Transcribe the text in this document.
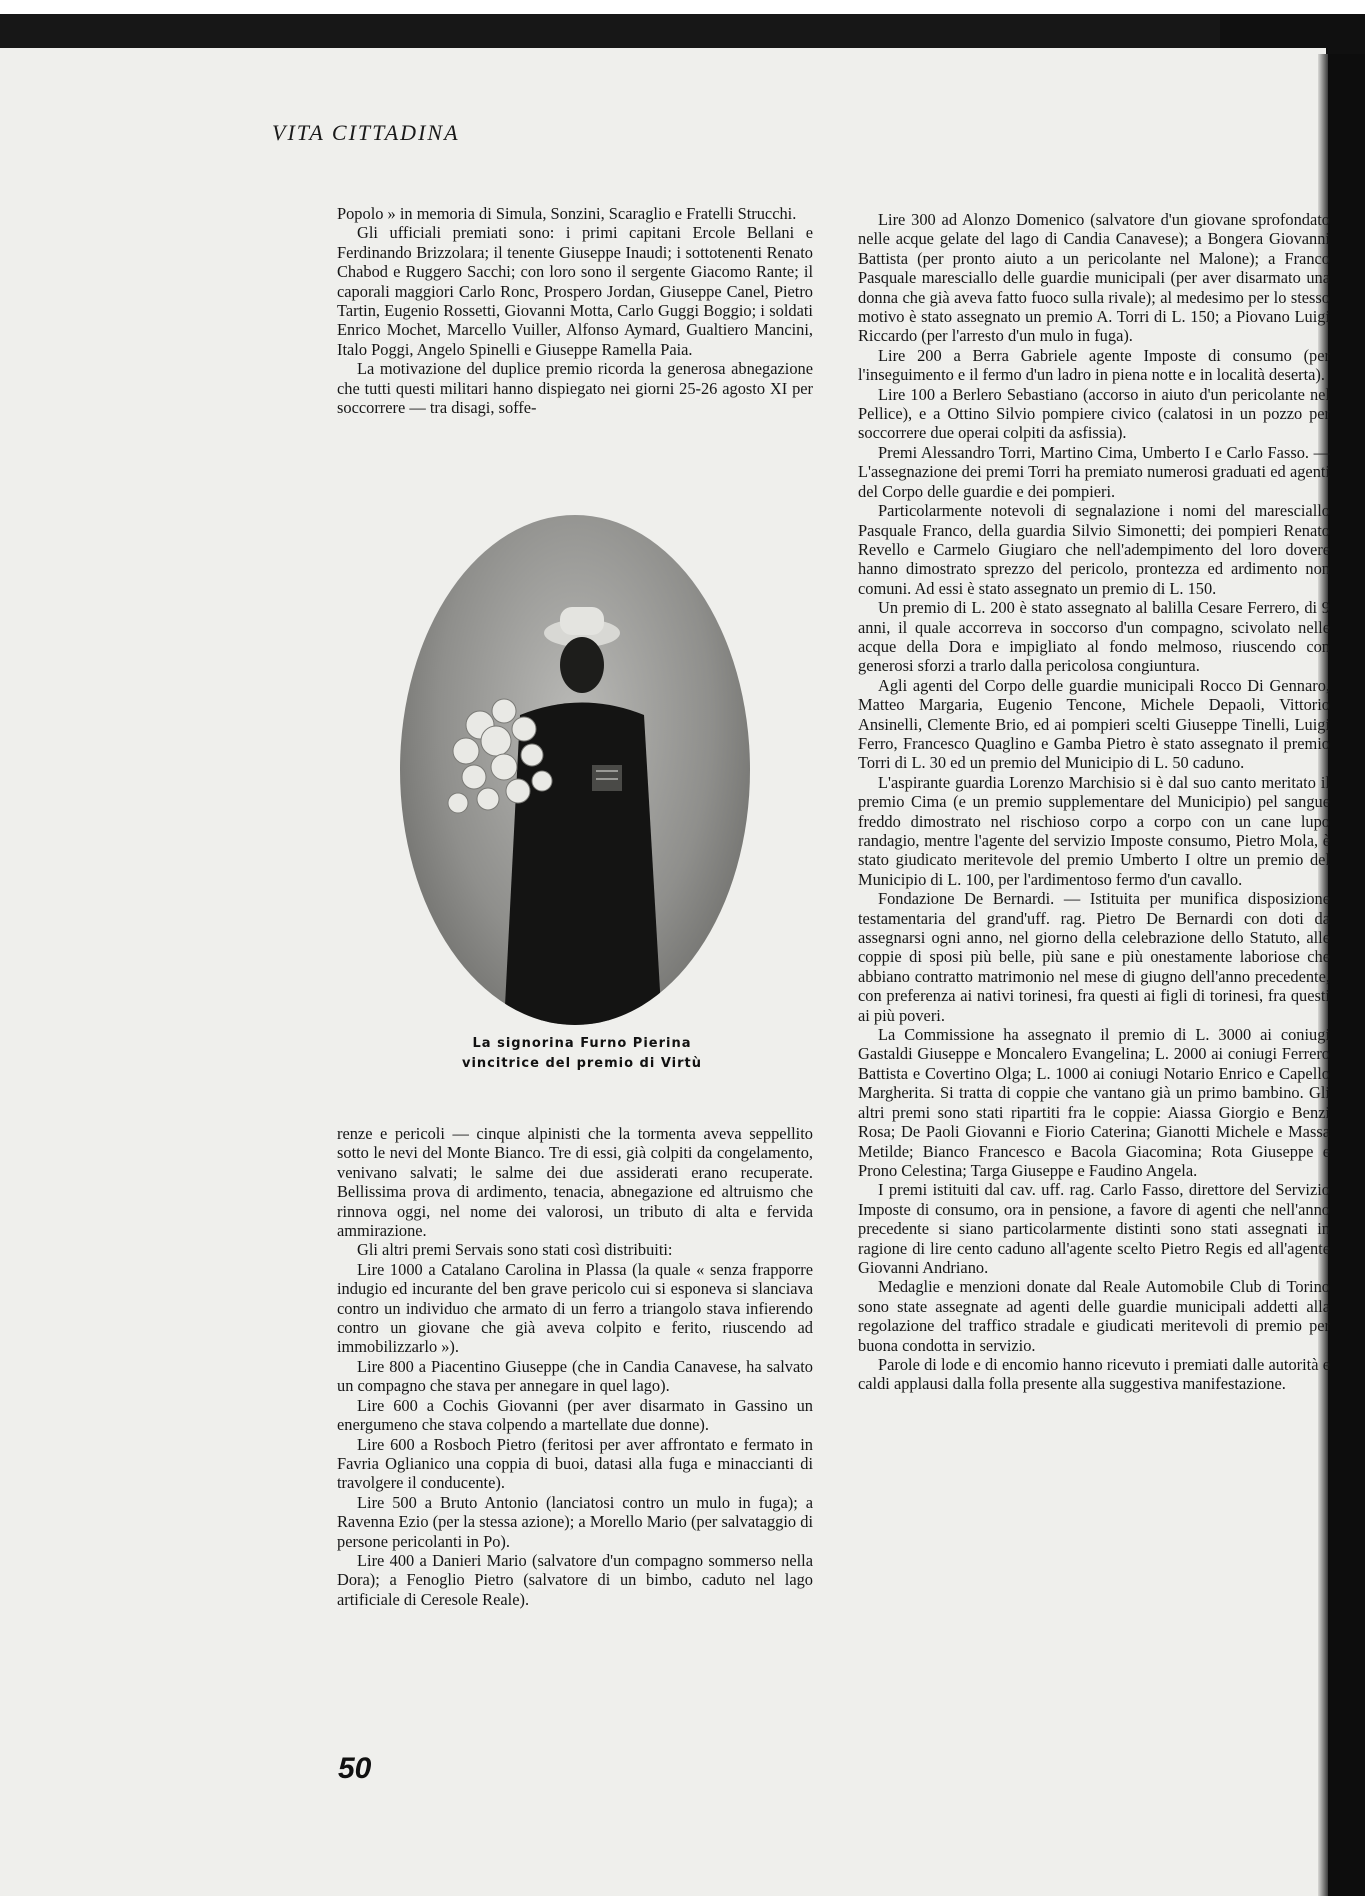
VITA CITTADINA

Popolo » in memoria di Simula, Sonzini, Scaraglio e Fratelli Strucchi.

Gli ufficiali premiati sono: i primi capitani Ercole Bellani e Ferdinando Brizzolara; il tenente Giuseppe Inaudi; i sottotenenti Renato Chabod e Ruggero Sacchi; con loro sono il sergente Giacomo Rante; il caporali maggiori Carlo Ronc, Prospero Jordan, Giuseppe Canel, Pietro Tartin, Eugenio Rossetti, Giovanni Motta, Carlo Guggi Boggio; i soldati Enrico Mochet, Marcello Vuiller, Alfonso Aymard, Gualtiero Mancini, Italo Poggi, Angelo Spinelli e Giuseppe Ramella Paia.

La motivazione del duplice premio ricorda la generosa abnegazione che tutti questi militari hanno dispiegato nei giorni 25-26 agosto XI per soccorrere — tra disagi, soffe-

La signorina Furno Pierina
vincitrice del premio di Virtù

renze e pericoli — cinque alpinisti che la tormenta aveva seppellito sotto le nevi del Monte Bianco. Tre di essi, già colpiti da congelamento, venivano salvati; le salme dei due assiderati erano recuperate. Bellissima prova di ardimento, tenacia, abnegazione ed altruismo che rinnova oggi, nel nome dei valorosi, un tributo di alta e fervida ammirazione.

Gli altri premi Servais sono stati così distribuiti:

Lire 1000 a Catalano Carolina in Plassa (la quale « senza frapporre indugio ed incurante del ben grave pericolo cui si esponeva si slanciava contro un individuo che armato di un ferro a triangolo stava infierendo contro un giovane che già aveva colpito e ferito, riuscendo ad immobilizzarlo »).

Lire 800 a Piacentino Giuseppe (che in Candia Canavese, ha salvato un compagno che stava per annegare in quel lago).

Lire 600 a Cochis Giovanni (per aver disarmato in Gassino un energumeno che stava colpendo a martellate due donne).

Lire 600 a Rosboch Pietro (feritosi per aver affrontato e fermato in Favria Oglianico una coppia di buoi, datasi alla fuga e minaccianti di travolgere il conducente).

Lire 500 a Bruto Antonio (lanciatosi contro un mulo in fuga); a Ravenna Ezio (per la stessa azione); a Morello Mario (per salvataggio di persone pericolanti in Po).

Lire 400 a Danieri Mario (salvatore d'un compagno sommerso nella Dora); a Fenoglio Pietro (salvatore di un bimbo, caduto nel lago artificiale di Ceresole Reale).

Lire 300 ad Alonzo Domenico (salvatore d'un giovane sprofondato nelle acque gelate del lago di Candia Canavese); a Bongera Giovanni Battista (per pronto aiuto a un pericolante nel Malone); a Franco Pasquale maresciallo delle guardie municipali (per aver disarmato una donna che già aveva fatto fuoco sulla rivale); al medesimo per lo stesso motivo è stato assegnato un premio A. Torri di L. 150; a Piovano Luigi Riccardo (per l'arresto d'un mulo in fuga).

Lire 200 a Berra Gabriele agente Imposte di consumo (per l'inseguimento e il fermo d'un ladro in piena notte e in località deserta).

Lire 100 a Berlero Sebastiano (accorso in aiuto d'un pericolante nel Pellice), e a Ottino Silvio pompiere civico (calatosi in un pozzo per soccorrere due operai colpiti da asfissia).

Premi Alessandro Torri, Martino Cima, Umberto I e Carlo Fasso. — L'assegnazione dei premi Torri ha premiato numerosi graduati ed agenti del Corpo delle guardie e dei pompieri.

Particolarmente notevoli di segnalazione i nomi del maresciallo Pasquale Franco, della guardia Silvio Simonetti; dei pompieri Renato Revello e Carmelo Giugiaro che nell'adempimento del loro dovere hanno dimostrato sprezzo del pericolo, prontezza ed ardimento non comuni. Ad essi è stato assegnato un premio di L. 150.

Un premio di L. 200 è stato assegnato al balilla Cesare Ferrero, di 9 anni, il quale accorreva in soccorso d'un compagno, scivolato nelle acque della Dora e impigliato al fondo melmoso, riuscendo con generosi sforzi a trarlo dalla pericolosa congiuntura.

Agli agenti del Corpo delle guardie municipali Rocco Di Gennaro, Matteo Margaria, Eugenio Tencone, Michele Depaoli, Vittorio Ansinelli, Clemente Brio, ed ai pompieri scelti Giuseppe Tinelli, Luigi Ferro, Francesco Quaglino e Gamba Pietro è stato assegnato il premio Torri di L. 30 ed un premio del Municipio di L. 50 caduno.

L'aspirante guardia Lorenzo Marchisio si è dal suo canto meritato il premio Cima (e un premio supplementare del Municipio) pel sangue freddo dimostrato nel rischioso corpo a corpo con un cane lupo randagio, mentre l'agente del servizio Imposte consumo, Pietro Mola, è stato giudicato meritevole del premio Umberto I oltre un premio del Municipio di L. 100, per l'ardimentoso fermo d'un cavallo.

Fondazione De Bernardi. — Istituita per munifica disposizione testamentaria del grand'uff. rag. Pietro De Bernardi con doti da assegnarsi ogni anno, nel giorno della celebrazione dello Statuto, alle coppie di sposi più belle, più sane e più onestamente laboriose che abbiano contratto matrimonio nel mese di giugno dell'anno precedente, con preferenza ai nativi torinesi, fra questi ai figli di torinesi, fra questi ai più poveri.

La Commissione ha assegnato il premio di L. 3000 ai coniugi Gastaldi Giuseppe e Moncalero Evangelina; L. 2000 ai coniugi Ferrero Battista e Covertino Olga; L. 1000 ai coniugi Notario Enrico e Capello Margherita. Si tratta di coppie che vantano già un primo bambino. Gli altri premi sono stati ripartiti fra le coppie: Aiassa Giorgio e Benzi Rosa; De Paoli Giovanni e Fiorio Caterina; Gianotti Michele e Massa Metilde; Bianco Francesco e Bacola Giacomina; Rota Giuseppe e Prono Celestina; Targa Giuseppe e Faudino Angela.

I premi istituiti dal cav. uff. rag. Carlo Fasso, direttore del Servizio Imposte di consumo, ora in pensione, a favore di agenti che nell'anno precedente si siano particolarmente distinti sono stati assegnati in ragione di lire cento caduno all'agente scelto Pietro Regis ed all'agente Giovanni Andriano.

Medaglie e menzioni donate dal Reale Automobile Club di Torino sono state assegnate ad agenti delle guardie municipali addetti alla regolazione del traffico stradale e giudicati meritevoli di premio per buona condotta in servizio.

Parole di lode e di encomio hanno ricevuto i premiati dalle autorità e caldi applausi dalla folla presente alla suggestiva manifestazione.

50
